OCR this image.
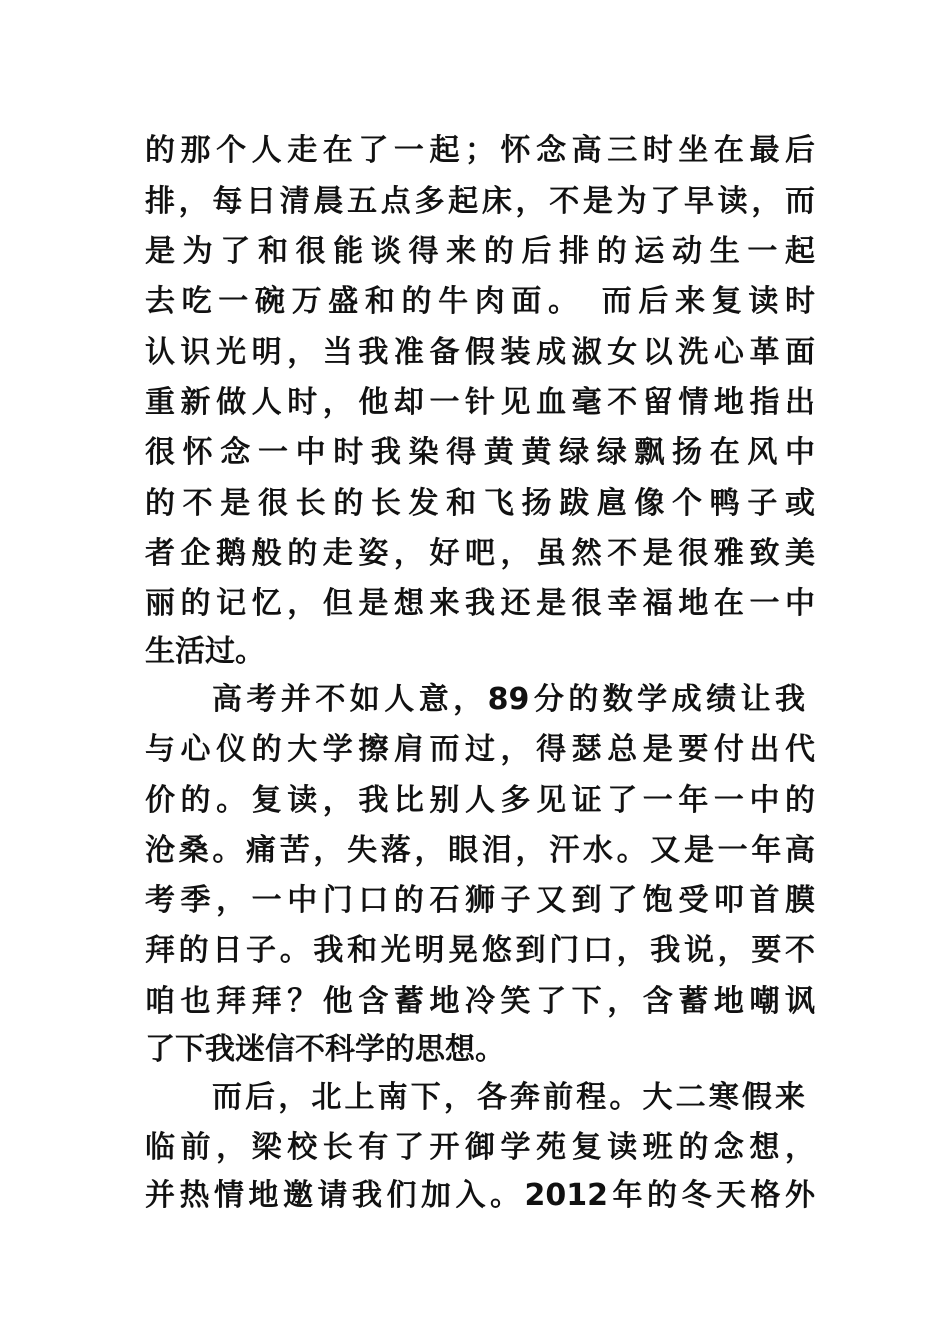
的那个人走在了一起；怀念高三时坐在最后
排，每日清晨五点多起床，不是为了早读，而
是为了和很能谈得来的后排的运动生一起
去吃一碗万盛和的牛肉面。 而后来复读时
认识光明，当我准备假装成淑女以洗心革面
重新做人时，他却一针见血毫不留情地指出
很怀念一中时我染得黄黄绿绿飘扬在风中
的不是很长的长发和飞扬跋扈像个鸭子或
者企鹅般的走姿，好吧，虽然不是很雅致美
丽的记忆，但是想来我还是很幸福地在一中
生活过。
高考并不如人意，89分的数学成绩让我
与心仪的大学擦肩而过，得瑟总是要付出代
价的。复读，我比别人多见证了一年一中的
沧桑。痛苦，失落，眼泪，汗水。又是一年高
考季，一中门口的石狮子又到了饱受叩首膜
拜的日子。我和光明晃悠到门口，我说，要不
咱也拜拜？他含蓄地冷笑了下，含蓄地嘲讽
了下我迷信不科学的思想。
而后，北上南下，各奔前程。大二寒假来
临前，梁校长有了开御学苑复读班的念想，
并热情地邀请我们加入。2012年的冬天格外
